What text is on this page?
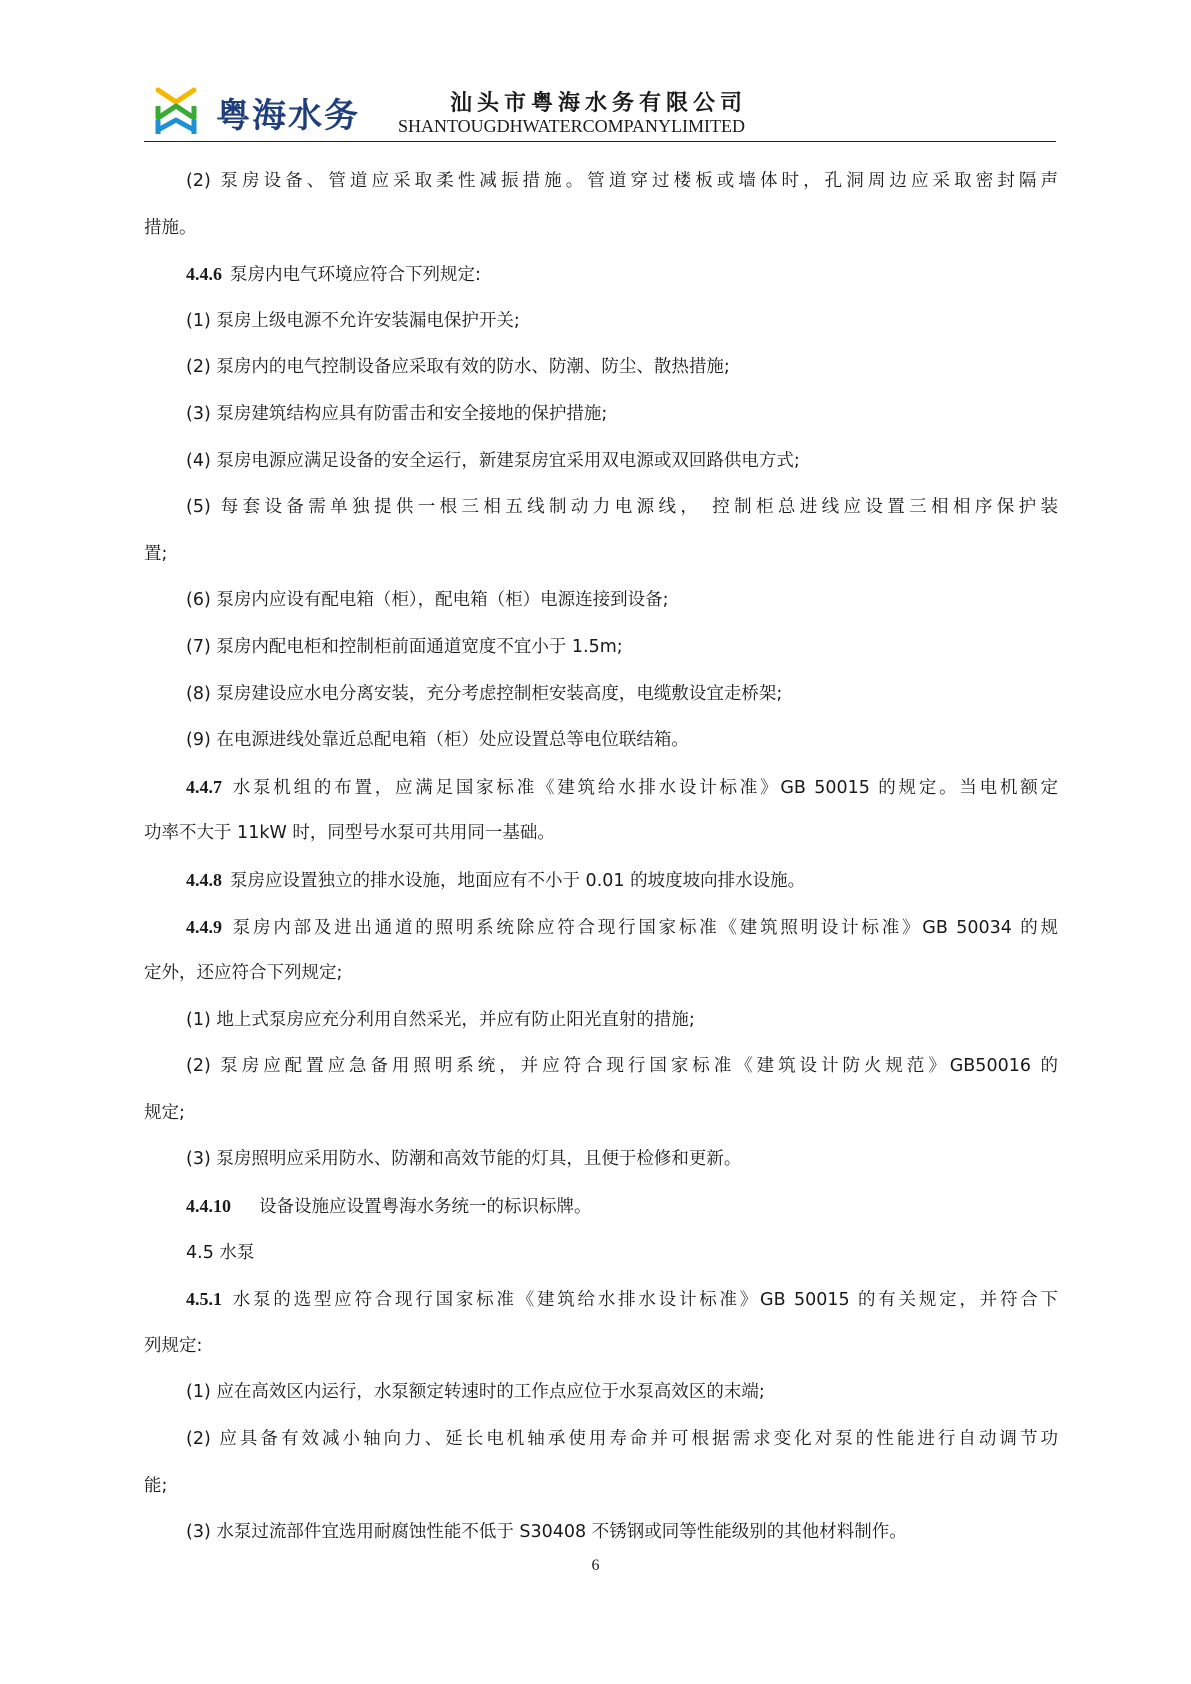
粤海水务	汕头市粤海水务有限公司
SHANTOUGDHWATERCOMPANYLIMITED
(2) 泵房设备、管道应采取柔性减振措施。管道穿过楼板或墙体时，孔洞周边应采取密封隔声
措施。
4.4.6 泵房内电气环境应符合下列规定:
(1) 泵房上级电源不允许安装漏电保护开关;
(2) 泵房内的电气控制设备应采取有效的防水、防潮、防尘、散热措施;
(3) 泵房建筑结构应具有防雷击和安全接地的保护措施;
(4) 泵房电源应满足设备的安全运行，新建泵房宜采用双电源或双回路供电方式;
(5) 每套设备需单独提供一根三相五线制动力电源线， 控制柜总进线应设置三相相序保护装
置;
(6) 泵房内应设有配电箱（柜），配电箱（柜）电源连接到设备;
(7) 泵房内配电柜和控制柜前面通道宽度不宜小于 1.5m;
(8) 泵房建设应水电分离安装，充分考虑控制柜安装高度，电缆敷设宜走桥架;
(9) 在电源进线处靠近总配电箱（柜）处应设置总等电位联结箱。
4.4.7 水泵机组的布置，应满足国家标准《建筑给水排水设计标准》GB 50015 的规定。当电机额定
功率不大于 11kW 时，同型号水泵可共用同一基础。
4.4.8 泵房应设置独立的排水设施，地面应有不小于 0.01 的坡度坡向排水设施。
4.4.9 泵房内部及进出通道的照明系统除应符合现行国家标准《建筑照明设计标准》GB 50034 的规
定外，还应符合下列规定;
(1) 地上式泵房应充分利用自然采光，并应有防止阳光直射的措施;
(2) 泵房应配置应急备用照明系统，并应符合现行国家标准《建筑设计防火规范》GB50016 的
规定;
(3) 泵房照明应采用防水、防潮和高效节能的灯具，且便于检修和更新。
4.4.10 设备设施应设置粤海水务统一的标识标牌。
4.5 水泵
4.5.1 水泵的选型应符合现行国家标准《建筑给水排水设计标准》GB 50015 的有关规定，并符合下
列规定:
(1) 应在高效区内运行，水泵额定转速时的工作点应位于水泵高效区的末端;
(2) 应具备有效减小轴向力、延长电机轴承使用寿命并可根据需求变化对泵的性能进行自动调节功
能;
(3) 水泵过流部件宜选用耐腐蚀性能不低于 S30408 不锈钢或同等性能级别的其他材料制作。
6
